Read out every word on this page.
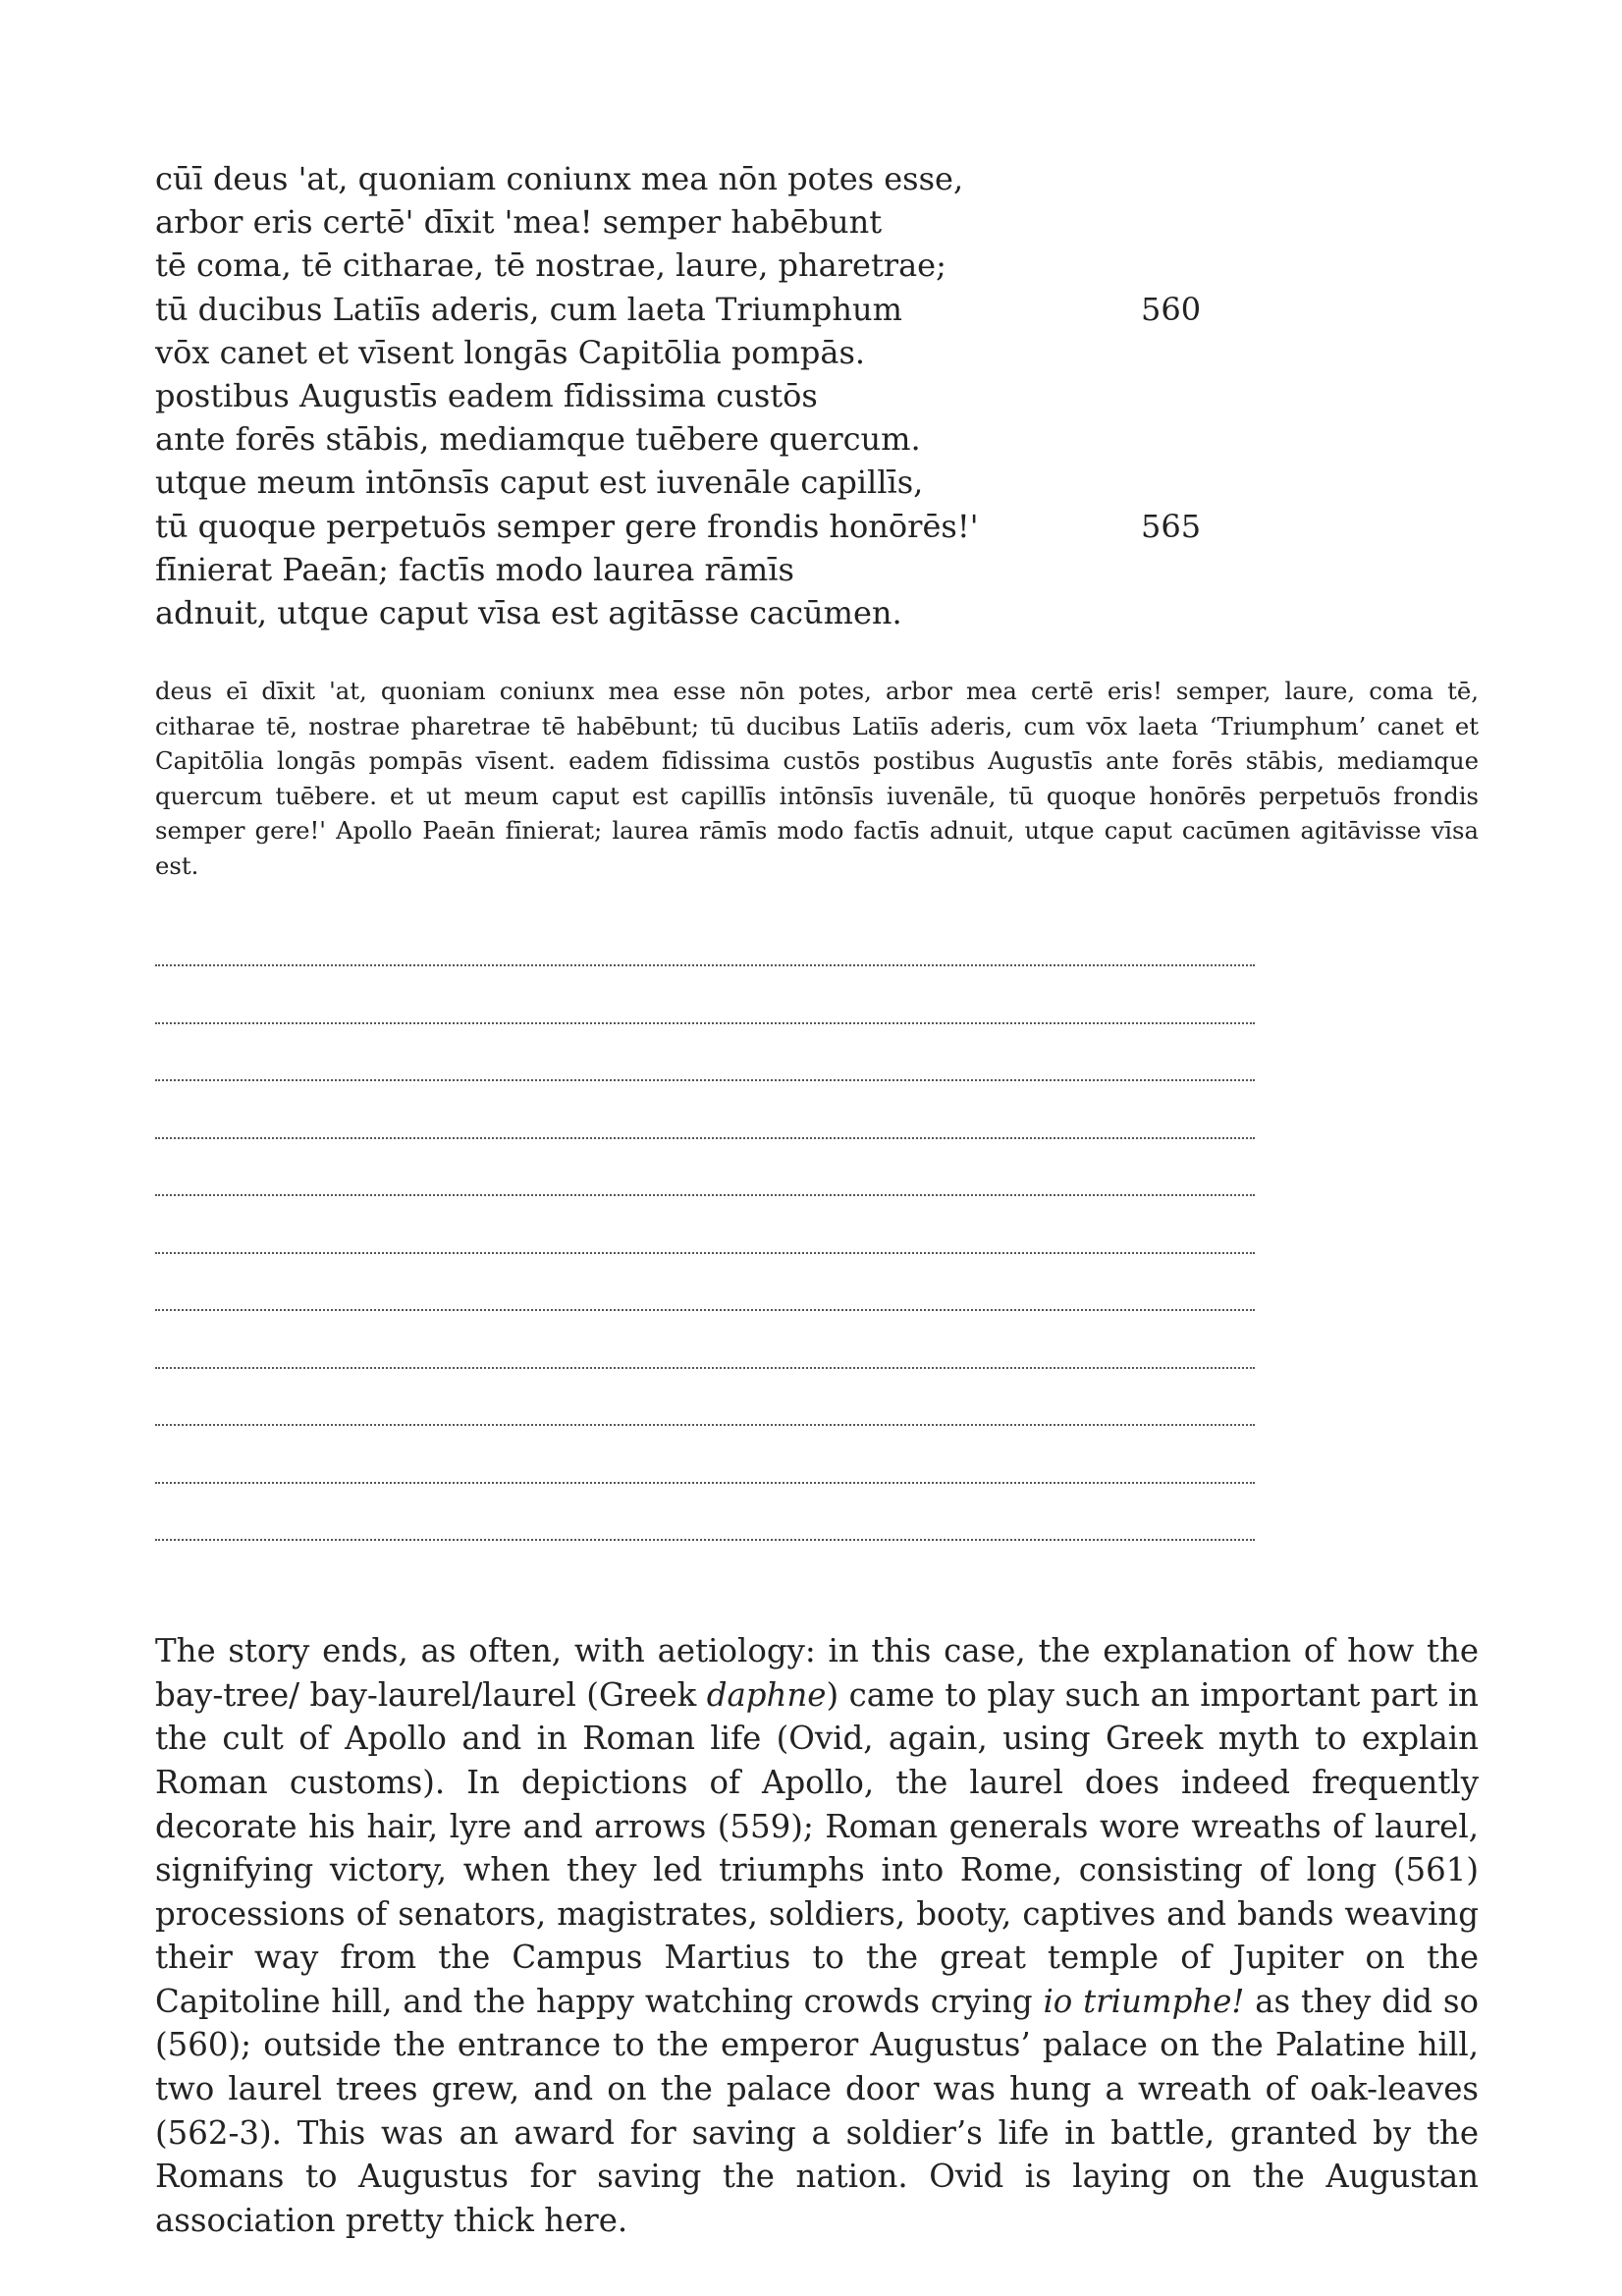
cūī deus 'at, quoniam coniunx mea nōn potes esse,
arbor eris certē' dīxit 'mea! semper habēbunt
tē coma, tē citharae, tē nostrae, laure, pharetrae;
tū ducibus Latiīs aderis, cum laeta Triumphum	560
vōx canet et vīsent longās Capitōlia pompās.
postibus Augustīs eadem fīdissima custōs
ante forēs stābis, mediamque tuēbere quercum.
utque meum intōnsīs caput est iuvenāle capillīs,
tū quoque perpetuōs semper gere frondis honōrēs!'	565
fīnierat Paeān; factīs modo laurea rāmīs
adnuit, utque caput vīsa est agitāsse cacūmen.

deus eī dīxit 'at, quoniam coniunx mea esse nōn potes, arbor mea certē eris! semper, laure, coma tē, citharae tē, nostrae pharetrae tē habēbunt; tū ducibus Latiīs aderis, cum vōx laeta ‘Triumphum’ canet et Capitōlia longās pompās vīsent. eadem fīdissima custōs postibus Augustīs ante forēs stābis, mediamque quercum tuēbere. et ut meum caput est capillīs intōnsīs iuvenāle, tū quoque honōrēs perpetuōs frondis semper gere!' Apollo Paeān fīnierat; laurea rāmīs modo factīs adnuit, utque caput cacūmen agitāvisse vīsa est.

The story ends, as often, with aetiology: in this case, the explanation of how the bay-tree/ bay-laurel/laurel (Greek daphne) came to play such an important part in the cult of Apollo and in Roman life (Ovid, again, using Greek myth to explain Roman customs). In depictions of Apollo, the laurel does indeed frequently decorate his hair, lyre and arrows (559); Roman generals wore wreaths of laurel, signifying victory, when they led triumphs into Rome, consisting of long (561) processions of senators, magistrates, soldiers, booty, captives and bands weaving their way from the Campus Martius to the great temple of Jupiter on the Capitoline hill, and the happy watching crowds crying io triumphe! as they did so (560); outside the entrance to the emperor Augustus’ palace on the Palatine hill, two laurel trees grew, and on the palace door was hung a wreath of oak-leaves (562-3). This was an award for saving a soldier’s life in battle, granted by the Romans to Augustus for saving the nation. Ovid is laying on the Augustan association pretty thick here.
